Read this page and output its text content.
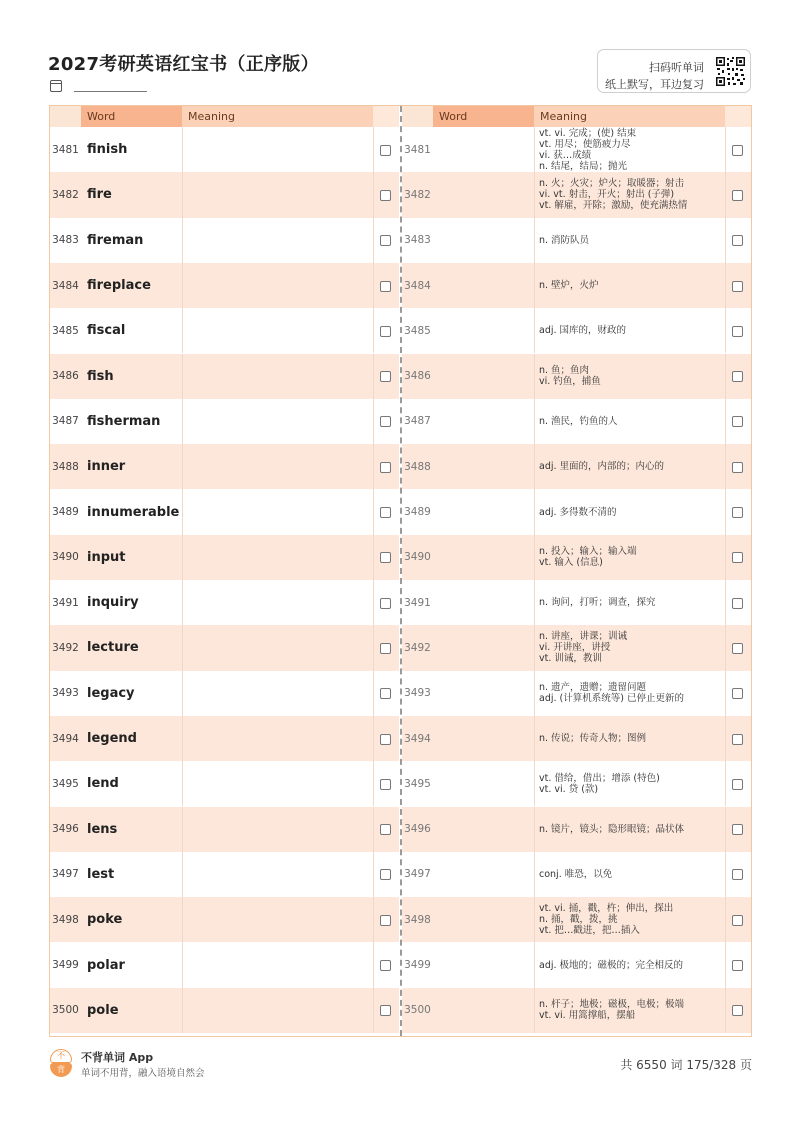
2027考研英语红宝书（正序版）	扫码听单词
纸上默写，耳边复习
Word	Meaning
3481 finish
3482 fire
3483 fireman
3484 fireplace
3485 fiscal
3486 fish
3487 fisherman
3488 inner
3489 innumerable
3490 input
3491 inquiry
3492 lecture
3493 legacy
3494 legend
3495 lend
3496 lens
3497 lest
3498 poke
3499 polar
3500 pole
Word	Meaning
3481
vt. vi. 完成；(使) 结束
vt. 用尽；使筋疲力尽
vi. 获…成绩
n. 结尾，结局；抛光
3482
n. 火；火灾；炉火；取暖器；射击
vi. vt. 射击，开火；射出 (子弹)
vt. 解雇，开除；激励，使充满热情
3483	n. 消防队员
3484	n. 壁炉，火炉
3485	adj. 国库的，财政的
3486	n. 鱼；鱼肉
vi. 钓鱼，捕鱼
3487	n. 渔民，钓鱼的人
3488	adj. 里面的，内部的；内心的
3489	adj. 多得数不清的
3490	n. 投入；输入；输入端
vt. 输入 (信息)
3491	n. 询问，打听；调查，探究
3492
n. 讲座，讲课；训诫
vi. 开讲座，讲授
vt. 训诫，教训
3493	n. 遗产，遗赠；遗留问题
adj. (计算机系统等) 已停止更新的
3494	n. 传说；传奇人物；图例
3495	vt. 借给，借出；增添 (特色)
vt. vi. 贷 (款)
3496	n. 镜片，镜头；隐形眼镜；晶状体
3497	conj. 唯恐，以免
3498
vt. vi. 捅，戳，杵；伸出，探出
n. 捅，戳，拨，挑
vt. 把…戳进，把…插入
3499	adj. 极地的；磁极的；完全相反的
3500	n. 杆子；地极；磁极，电极；极端
vt. vi. 用篙撑船，摆船
不
背
不背单词 App
单词不用背，融入语境自然会
共 6550 词 175/328 页
